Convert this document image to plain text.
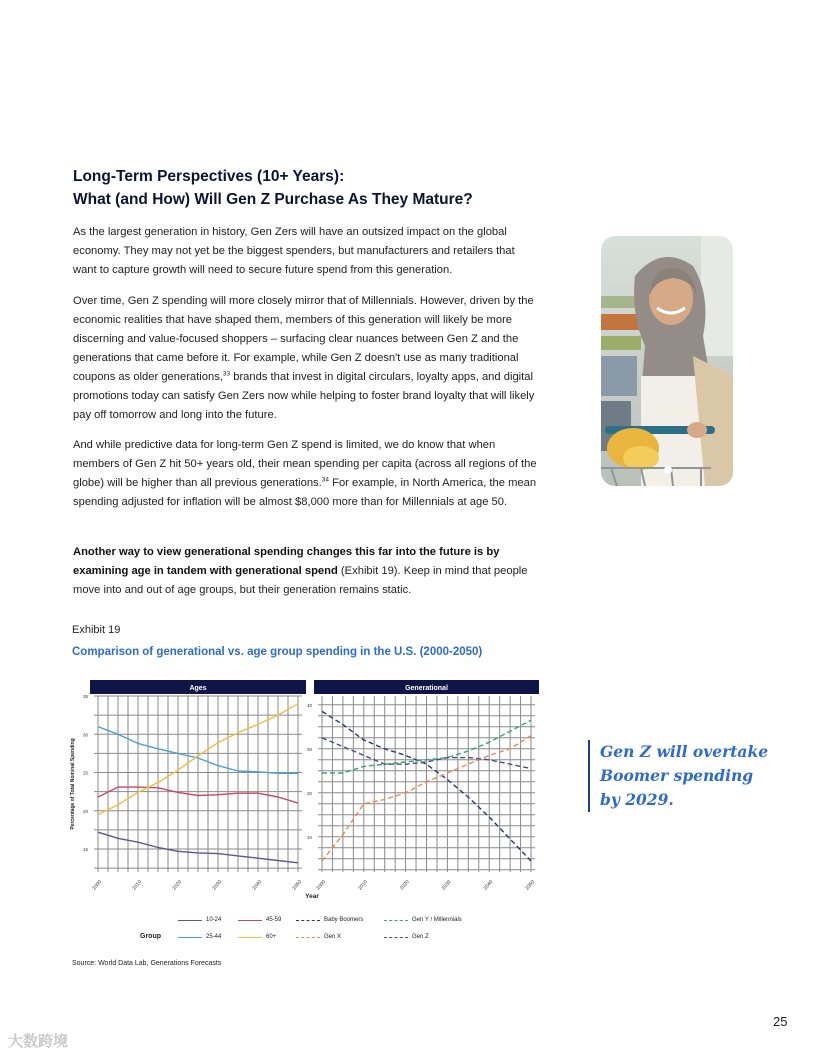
Long-Term Perspectives (10+ Years):
What (and How) Will Gen Z Purchase As They Mature?

As the largest generation in history, Gen Zers will have an outsized impact on the global economy. They may not yet be the biggest spenders, but manufacturers and retailers that want to capture growth will need to secure future spend from this generation.

Over time, Gen Z spending will more closely mirror that of Millennials. However, driven by the economic realities that have shaped them, members of this generation will likely be more discerning and value-focused shoppers – surfacing clear nuances between Gen Z and the generations that came before it. For example, while Gen Z doesn't use as many traditional coupons as older generations,$^{33}$ brands that invest in digital circulars, loyalty apps, and digital promotions today can satisfy Gen Zers now while helping to foster brand loyalty that will likely pay off tomorrow and long into the future.

And while predictive data for long-term Gen Z spend is limited, we do know that when members of Gen Z hit 50+ years old, their mean spending per capita (across all regions of the globe) will be higher than all previous generations.$^{34}$ For example, in North America, the mean spending adjusted for inflation will be almost $8,000 more than for Millennials at age 50.

Another way to view generational spending changes this far into the future is by examining age in tandem with generational spend (Exhibit 19). Keep in mind that people move into and out of age groups, but their generation remains static.

Exhibit 19
Comparison of generational vs. age group spending in the U.S. (2000-2050)
Ages
15
20
25
30
35
2000	2010	2020	2030	2040	2050
Percentage of Total Nominal Spending
Generational
10
20
30
40
2000	2010	2020	2030	2040	2050
Year
Group
10-24	45-59	Baby Boomers	Gen Y / Millennials
25-44	60+	Gen X	Gen Z
Source: World Data Lab, Generations Forecasts
Gen Z will overtake
Boomer spending
by 2029.
25
大数跨境
